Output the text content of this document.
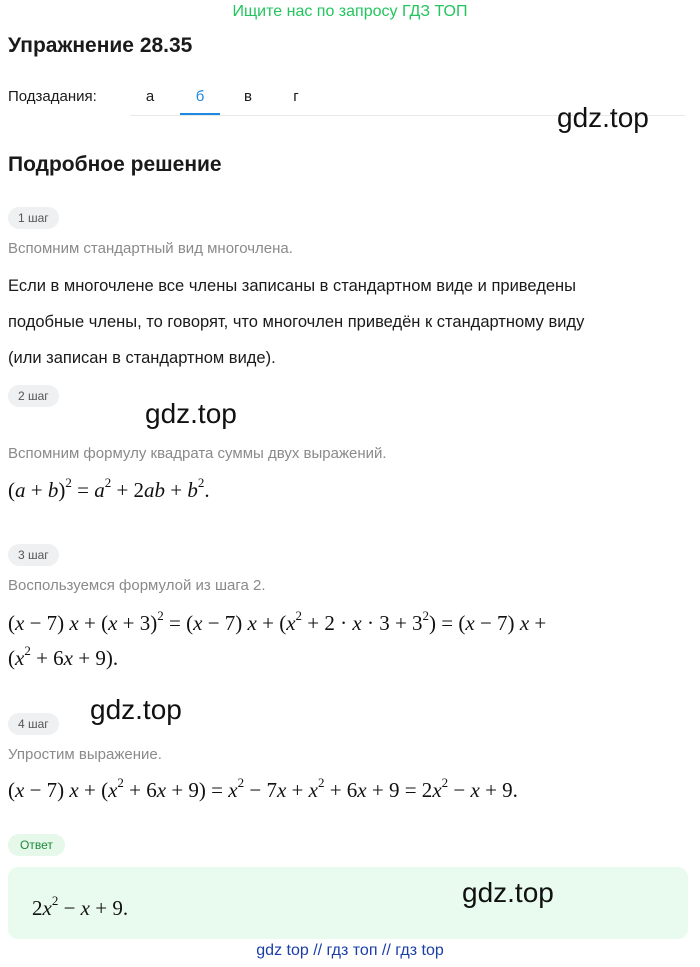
Ищите нас по запросу ГДЗ ТОП
Упражнение 28.35
Подзадания:	а	б	в	г
gdz.top
Подробное решение
1 шаг
Вспомним стандартный вид многочлена.
Если в многочлене все члены записаны в стандартном виде и приведены
подобные члены, то говорят, что многочлен приведён к стандартному виду
(или записан в стандартном виде).
2 шаг
gdz.top
Вспомним формулу квадрата суммы двух выражений.
$(a + b)^2 = a^2 + 2ab + b^2$.
3 шаг
Воспользуемся формулой из шага 2.
(x − 7) $x + (x + 3)^2 = (x - 7)$ $x + (x^2 + 2 \cdot x \cdot 3 + 3^2) = (x - 7) x$ +
$(x^2 + 6x + 9)$.
4 шаг	gdz.top
Упростим выражение.
(x − 7) $x + (x^2 + 6x + 9) = x^2 - 7x + x^2 + 6x + 9 = 2x^2 - x + 9$.
Ответ
$2x^2 - x + 9$.	gdz.top
gdz top // гдз топ // гдз top
